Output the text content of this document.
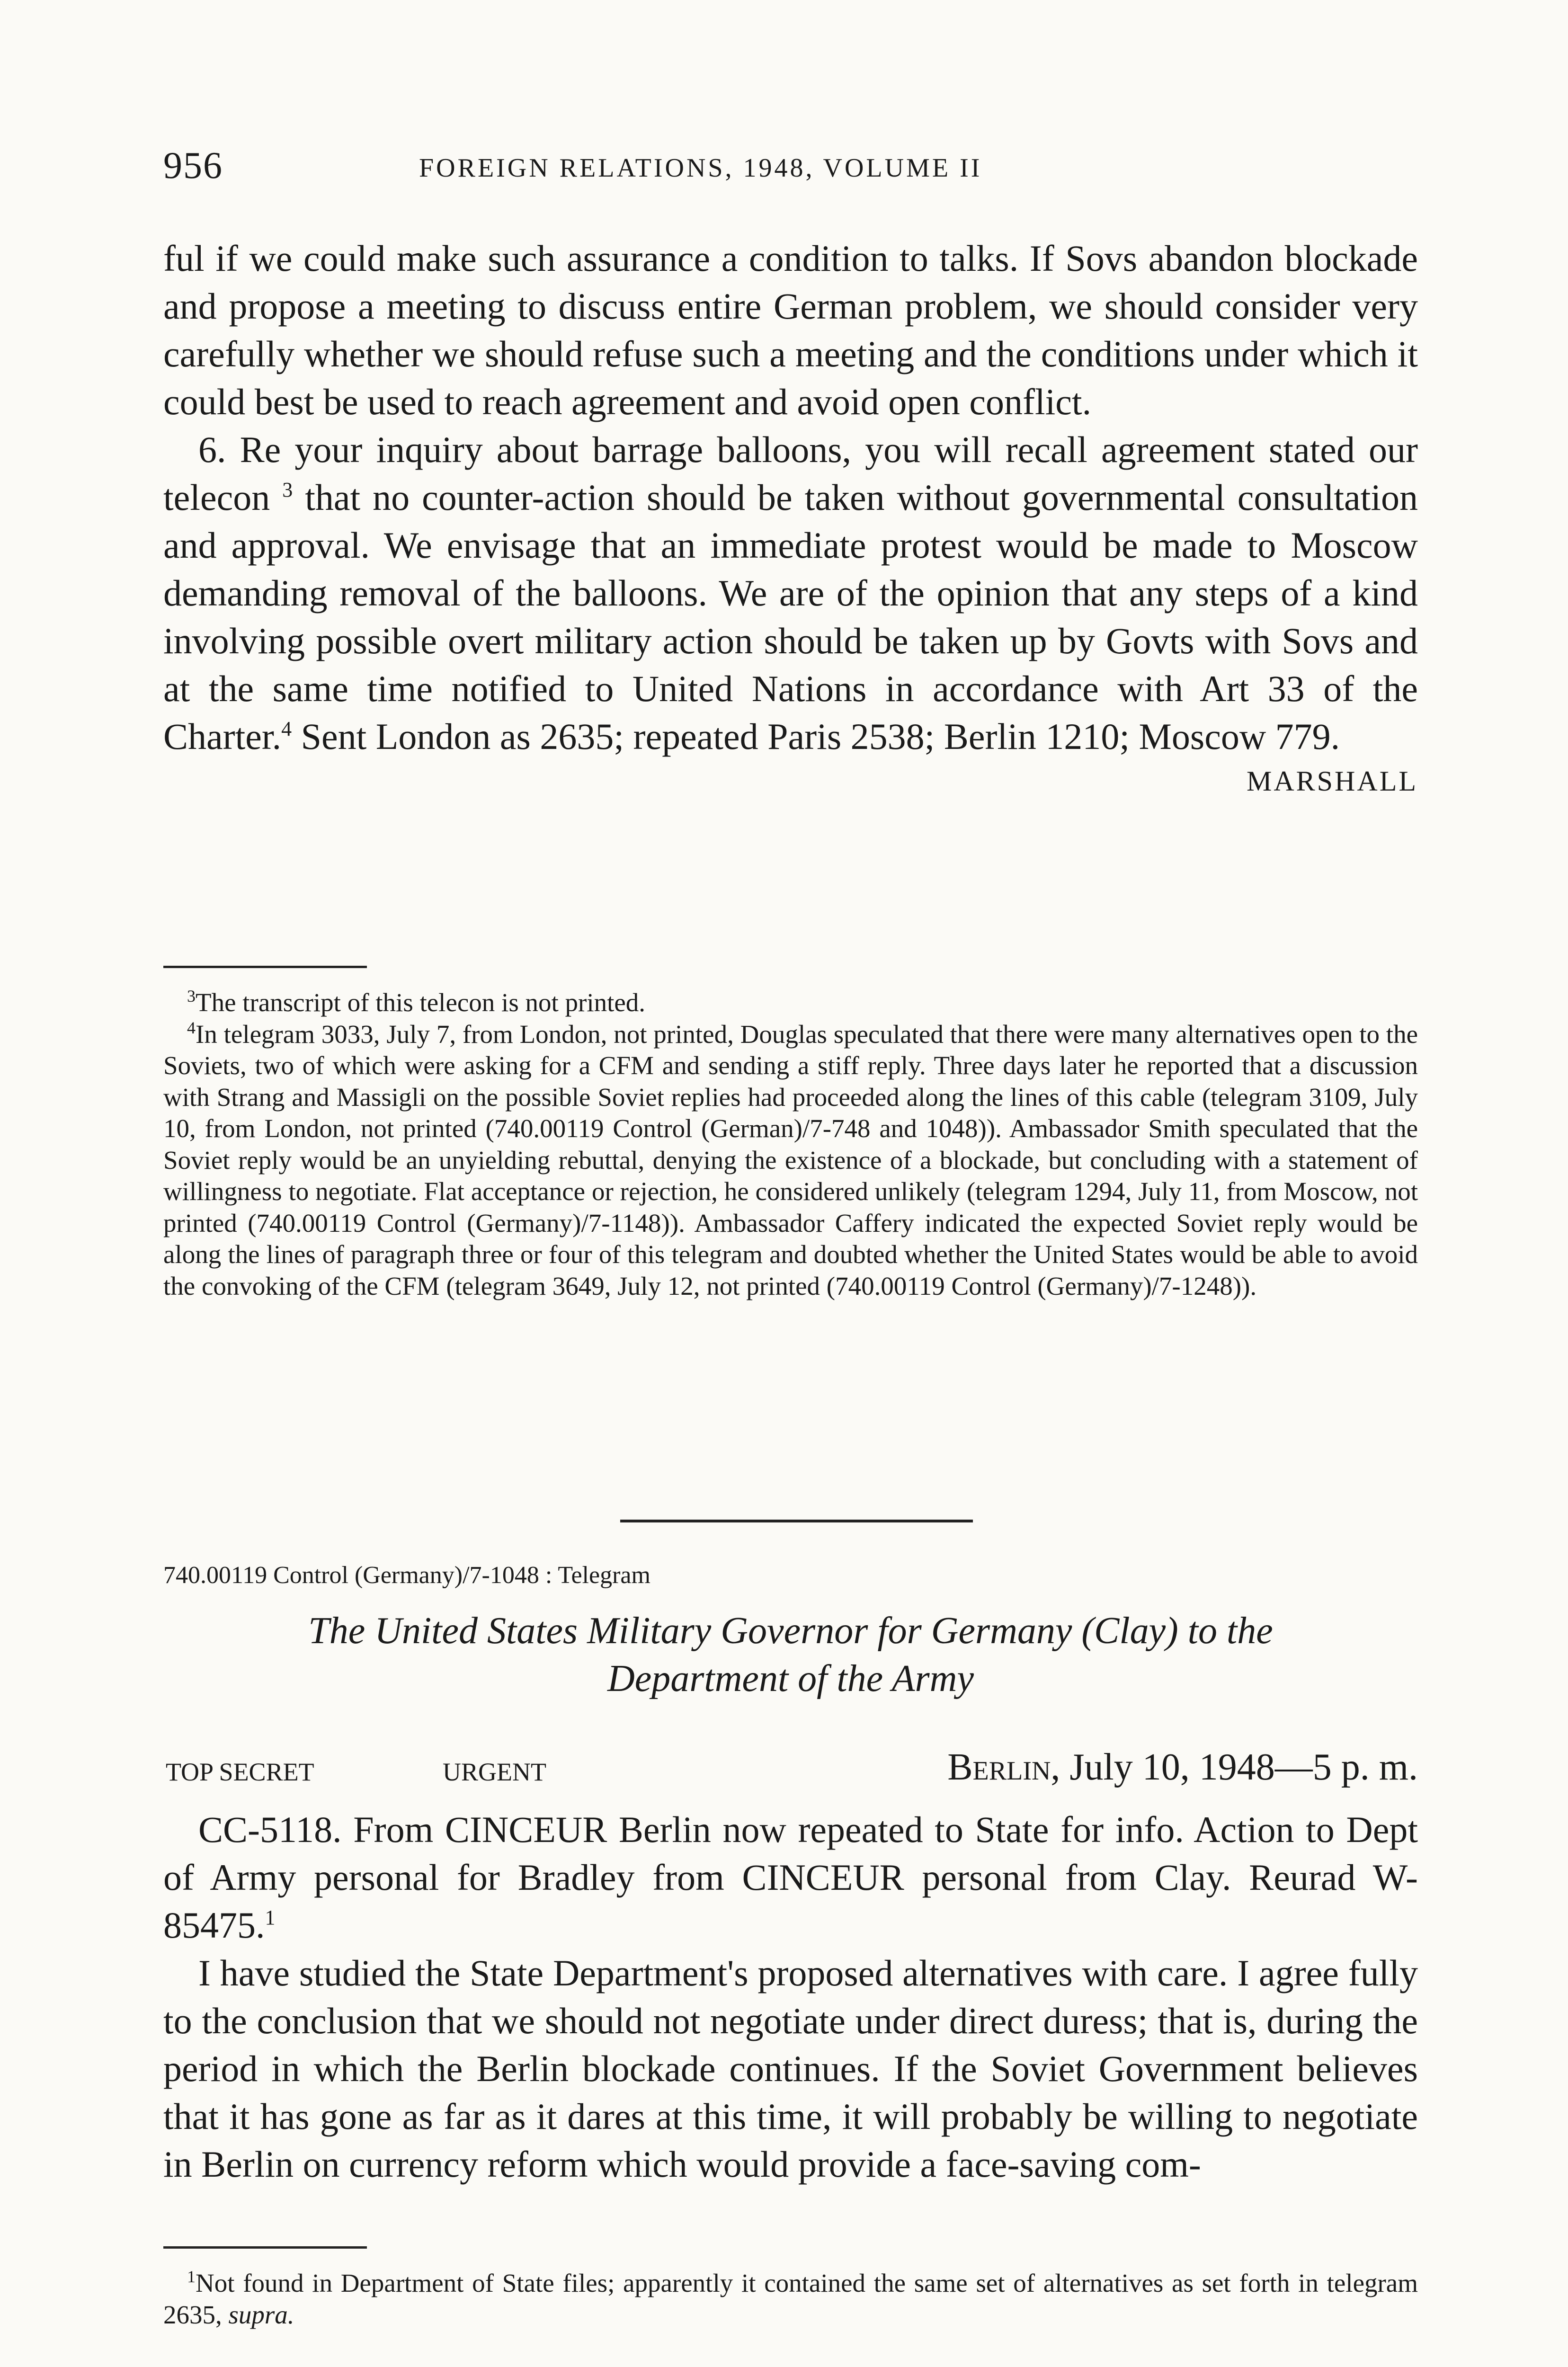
956	FOREIGN RELATIONS, 1948, VOLUME II

ful if we could make such assurance a condition to talks. If Sovs abandon blockade and propose a meeting to discuss entire German problem, we should consider very carefully whether we should refuse such a meeting and the conditions under which it could best be used to reach agreement and avoid open conflict.

6. Re your inquiry about barrage balloons, you will recall agreement stated our telecon $^3$ that no counter-action should be taken without governmental consultation and approval. We envisage that an immediate protest would be made to Moscow demanding removal of the balloons. We are of the opinion that any steps of a kind involving possible overt military action should be taken up by Govts with Sovs and at the same time notified to United Nations in accordance with Art 33 of the Charter.$^4$ Sent London as 2635; repeated Paris 2538; Berlin 1210; Moscow 779.

MARSHALL

$^3$The transcript of this telecon is not printed.

$^4$In telegram 3033, July 7, from London, not printed, Douglas speculated that there were many alternatives open to the Soviets, two of which were asking for a CFM and sending a stiff reply. Three days later he reported that a discussion with Strang and Massigli on the possible Soviet replies had proceeded along the lines of this cable (telegram 3109, July 10, from London, not printed (740.00119 Control (German)/7-748 and 1048)). Ambassador Smith speculated that the Soviet reply would be an unyielding rebuttal, denying the existence of a blockade, but concluding with a statement of willingness to negotiate. Flat acceptance or rejection, he considered unlikely (telegram 1294, July 11, from Moscow, not printed (740.00119 Control (Germany)/7-1148)). Ambassador Caffery indicated the expected Soviet reply would be along the lines of paragraph three or four of this telegram and doubted whether the United States would be able to avoid the convoking of the CFM (telegram 3649, July 12, not printed (740.00119 Control (Germany)/7-1248)).

740.00119 Control (Germany)/7-1048 : Telegram

The United States Military Governor for Germany (Clay) to the
Department of the Army

TOP SECRET	URGENT	Berlin, July 10, 1948—5 p. m.

CC-5118. From CINCEUR Berlin now repeated to State for info. Action to Dept of Army personal for Bradley from CINCEUR personal from Clay. Reurad W-85475.$^1$

I have studied the State Department's proposed alternatives with care. I agree fully to the conclusion that we should not negotiate under direct duress; that is, during the period in which the Berlin blockade continues. If the Soviet Government believes that it has gone as far as it dares at this time, it will probably be willing to negotiate in Berlin on currency reform which would provide a face-saving com-

$^1$Not found in Department of State files; apparently it contained the same set of alternatives as set forth in telegram 2635, supra.
